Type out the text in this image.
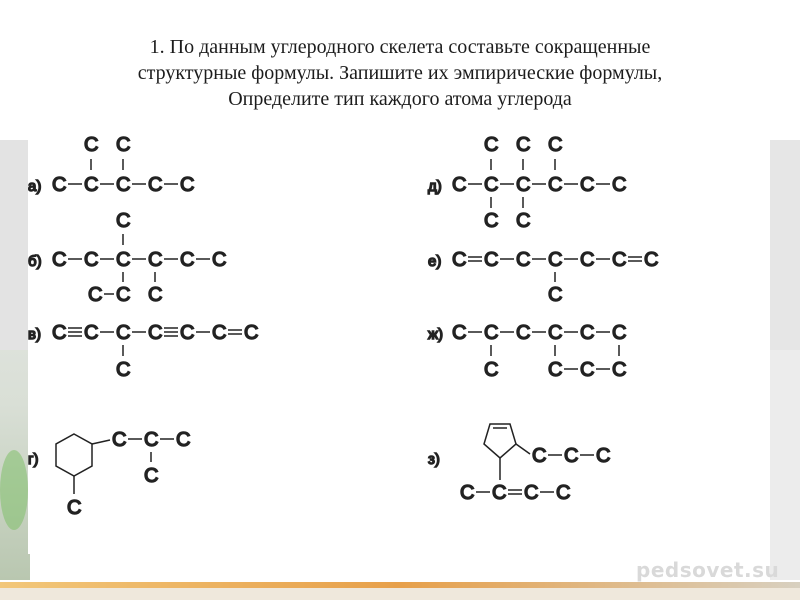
1. По данным углеродного скелета составьте сокращенные
структурные формулы. Запишите их эмпирические формулы,
Определите тип каждого атома углерода
а) C C C C C
C C
б) C C C C C C
C
C C C
в) C C C C C C C
C
г)
C C C
C
C
д) C C C C C C
C C C
C C
е) C C C C C C C
C
ж) C C C C C C
C C C C
з)	C C C
C C C C
pedsovet.su
